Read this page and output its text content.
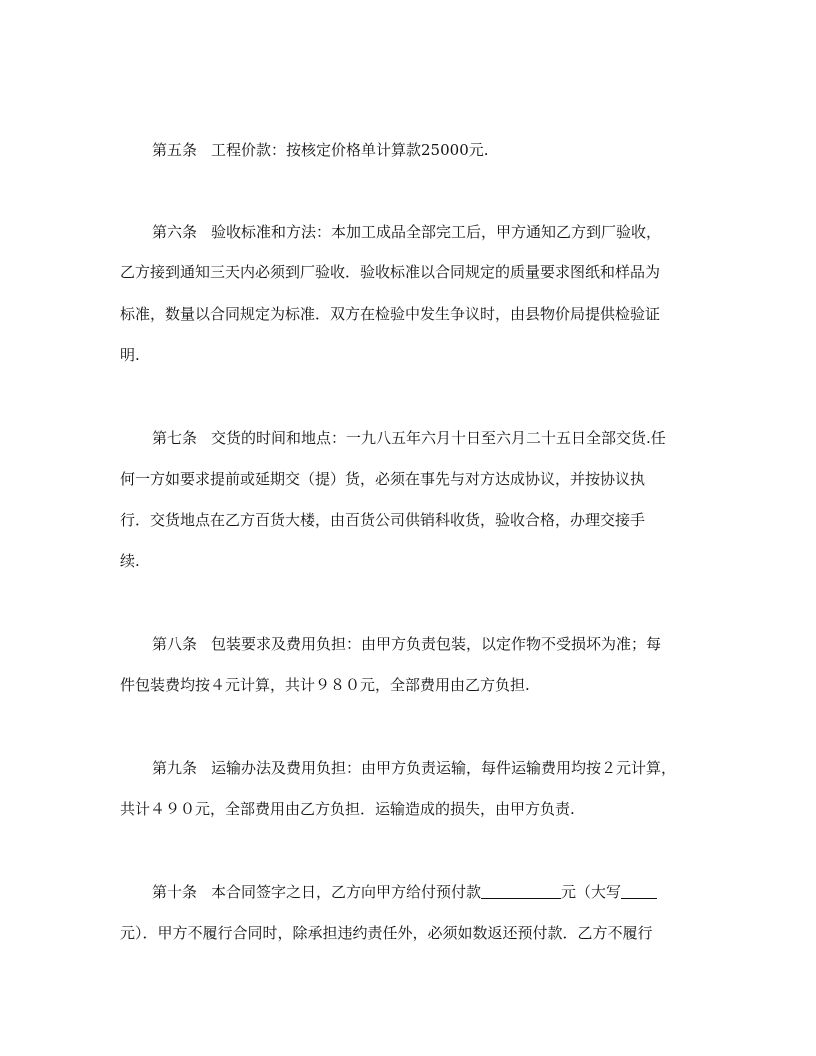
第五条 工程价款：按核定价格单计算款25000元.
第六条 验收标准和方法：本加工成品全部完工后，甲方通知乙方到厂验收，
乙方接到通知三天内必须到厂验收．验收标准以合同规定的质量要求图纸和样品为
标准，数量以合同规定为标准．双方在检验中发生争议时，由县物价局提供检验证
明.
第七条 交货的时间和地点：一九八五年六月十日至六月二十五日全部交货.任
何一方如要求提前或延期交（提）货，必须在事先与对方达成协议，并按协议执
行．交货地点在乙方百货大楼，由百货公司供销科收货，验收合格，办理交接手
续.
第八条 包装要求及费用负担：由甲方负责包装，以定作物不受损坏为准；每
件包装费均按４元计算，共计９８０元，全部费用由乙方负担.
第九条 运输办法及费用负担：由甲方负责运输，每件运输费用均按２元计算，
共计４９０元，全部费用由乙方负担．运输造成的损失，由甲方负责.
第十条 本合同签字之日，乙方向甲方给付预付款	元（大写
元）．甲方不履行合同时，除承担违约责任外，必须如数返还预付款．乙方不履行
